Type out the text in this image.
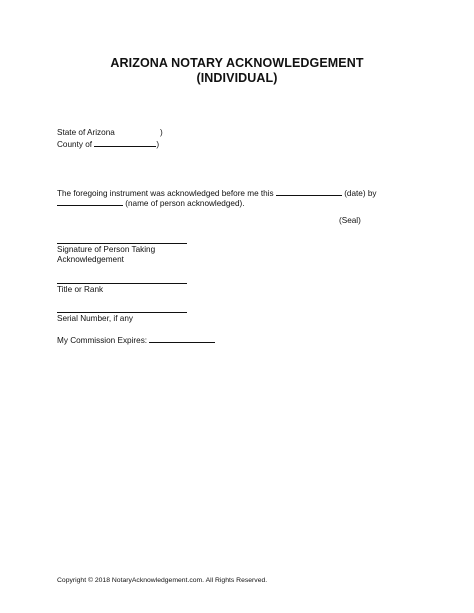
ARIZONA NOTARY ACKNOWLEDGEMENT
(INDIVIDUAL)
State of Arizona	)
County of	)
The foregoing instrument was acknowledged before me this	(date) by
(name of person acknowledged).
(Seal)
Signature of Person Taking
Acknowledgement
Title or Rank
Serial Number, if any
My Commission Expires:
Copyright © 2018 NotaryAcknowledgement.com. All Rights Reserved.
